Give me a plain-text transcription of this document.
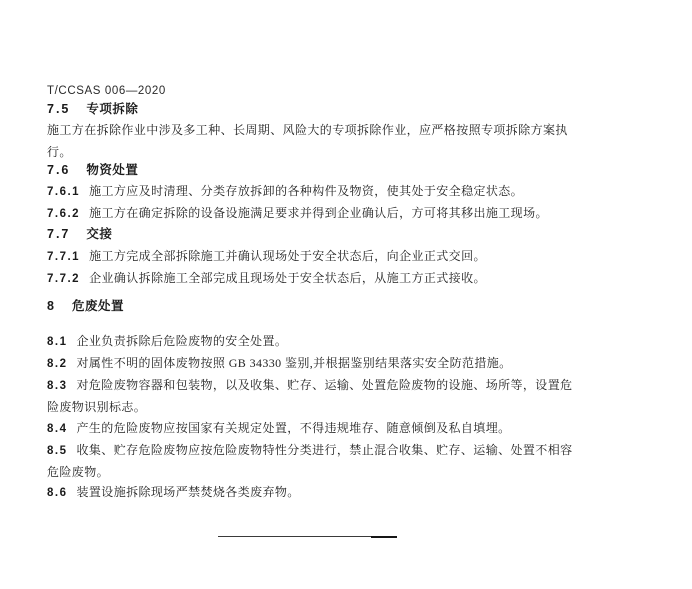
T/CCSAS 006—2020
7.5 专项拆除
施工方在拆除作业中涉及多工种、长周期、风险大的专项拆除作业，应严格按照专项拆除方案执
行。
7.6 物资处置
7.6.1 施工方应及时清理、分类存放拆卸的各种构件及物资，使其处于安全稳定状态。
7.6.2 施工方在确定拆除的设备设施满足要求并得到企业确认后，方可将其移出施工现场。
7.7 交接
7.7.1 施工方完成全部拆除施工并确认现场处于安全状态后，向企业正式交回。
7.7.2 企业确认拆除施工全部完成且现场处于安全状态后，从施工方正式接收。
8 危废处置
8.1 企业负责拆除后危险废物的安全处置。
8.2 对属性不明的固体废物按照 GB 34330 鉴别,并根据鉴别结果落实安全防范措施。
8.3 对危险废物容器和包装物，以及收集、贮存、运输、处置危险废物的设施、场所等，设置危
险废物识别标志。
8.4 产生的危险废物应按国家有关规定处置，不得违规堆存、随意倾倒及私自填埋。
8.5 收集、贮存危险废物应按危险废物特性分类进行，禁止混合收集、贮存、运输、处置不相容
危险废物。
8.6 装置设施拆除现场严禁焚烧各类废弃物。
